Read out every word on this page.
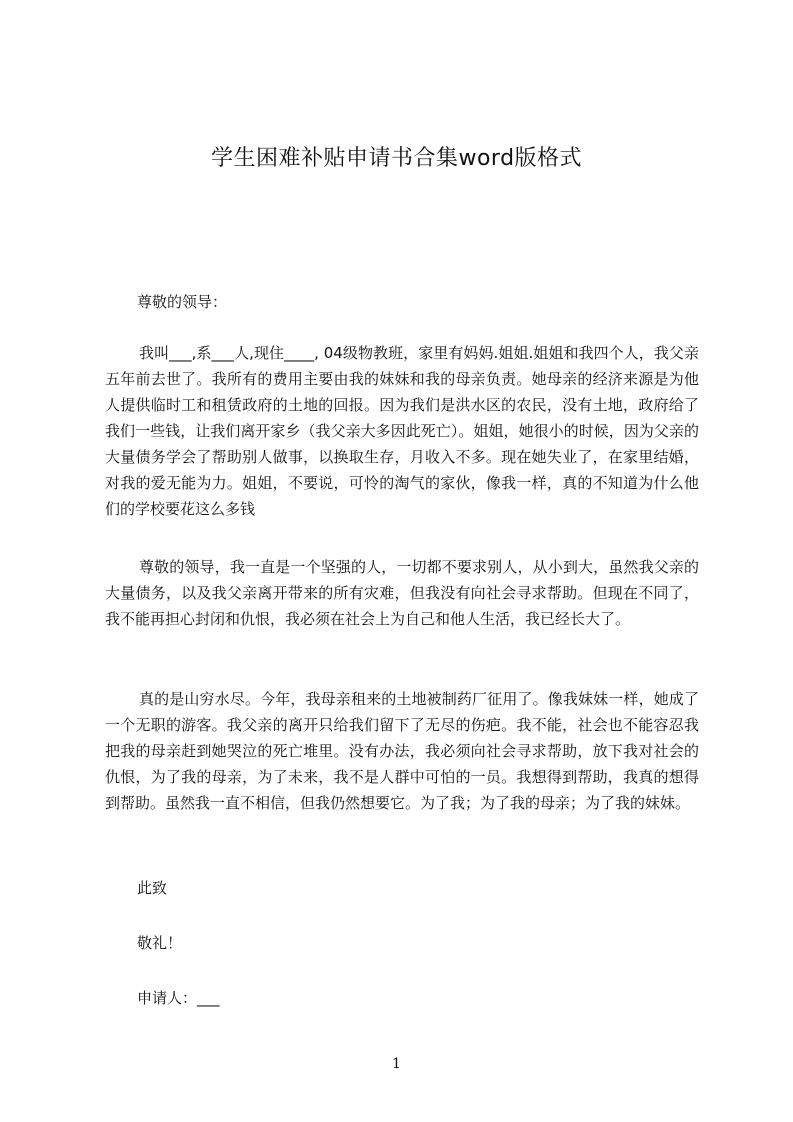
学生困难补贴申请书合集word版格式

尊敬的领导：

我叫___,系___人,现住____, 04级物教班，家里有妈妈.姐姐.姐姐和我四个人，我父亲五年前去世了。我所有的费用主要由我的妹妹和我的母亲负责。她母亲的经济来源是为他人提供临时工和租赁政府的土地的回报。因为我们是洪水区的农民，没有土地，政府给了我们一些钱，让我们离开家乡（我父亲大多因此死亡）。姐姐，她很小的时候，因为父亲的大量债务学会了帮助别人做事，以换取生存，月收入不多。现在她失业了，在家里结婚，对我的爱无能为力。姐姐，不要说，可怜的淘气的家伙，像我一样，真的不知道为什么他们的学校要花这么多钱

尊敬的领导，我一直是一个坚强的人，一切都不要求别人，从小到大，虽然我父亲的大量债务，以及我父亲离开带来的所有灾难，但我没有向社会寻求帮助。但现在不同了，我不能再担心封闭和仇恨，我必须在社会上为自己和他人生活，我已经长大了。

真的是山穷水尽。今年，我母亲租来的土地被制药厂征用了。像我妹妹一样，她成了一个无职的游客。我父亲的离开只给我们留下了无尽的伤疤。我不能，社会也不能容忍我把我的母亲赶到她哭泣的死亡堆里。没有办法，我必须向社会寻求帮助，放下我对社会的仇恨，为了我的母亲，为了未来，我不是人群中可怕的一员。我想得到帮助，我真的想得到帮助。虽然我一直不相信，但我仍然想要它。为了我；为了我的母亲；为了我的妹妹。

此致

敬礼！

申请人：___

1
